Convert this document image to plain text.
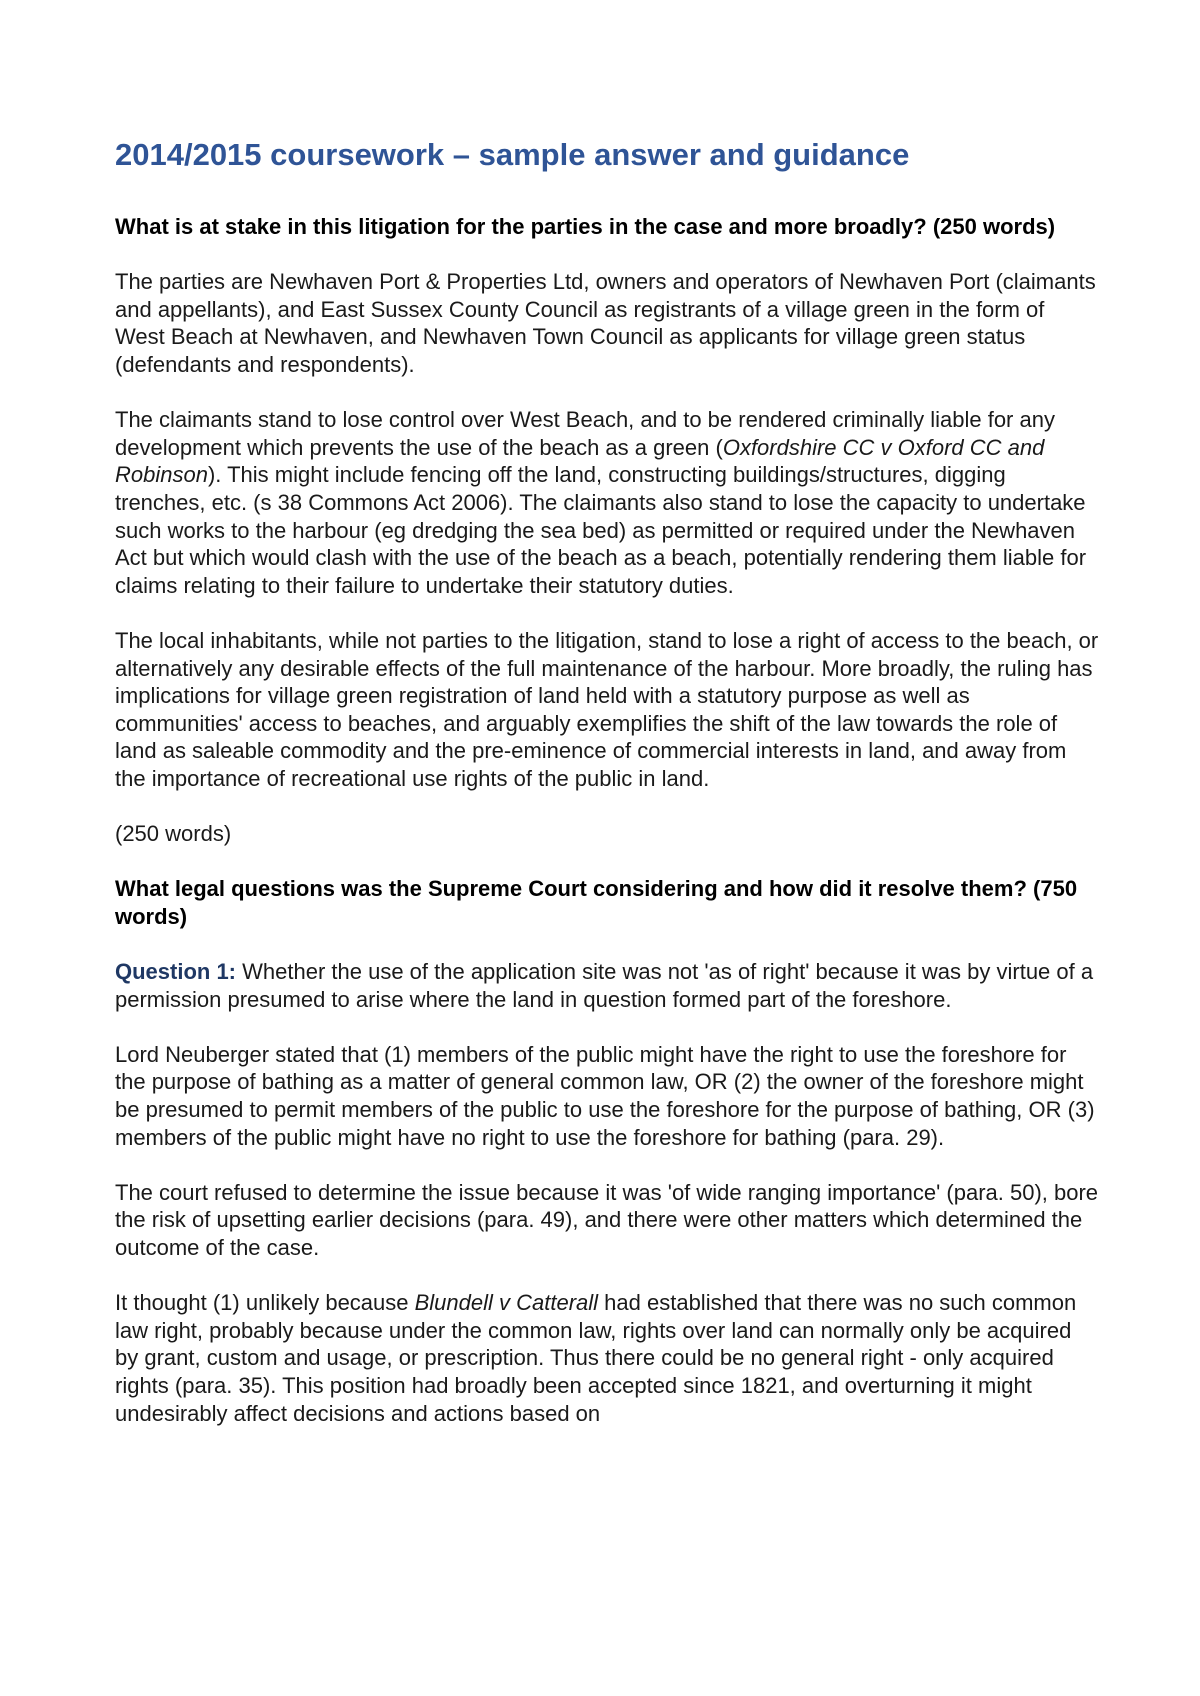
2014/2015 coursework – sample answer and guidance

What is at stake in this litigation for the parties in the case and more broadly? (250 words)

The parties are Newhaven Port & Properties Ltd, owners and operators of Newhaven Port (claimants and appellants), and East Sussex County Council as registrants of a village green in the form of West Beach at Newhaven, and Newhaven Town Council as applicants for village green status (defendants and respondents).

The claimants stand to lose control over West Beach, and to be rendered criminally liable for any development which prevents the use of the beach as a green (Oxfordshire CC v Oxford CC and Robinson). This might include fencing off the land, constructing buildings/structures, digging trenches, etc. (s 38 Commons Act 2006). The claimants also stand to lose the capacity to undertake such works to the harbour (eg dredging the sea bed) as permitted or required under the Newhaven Act but which would clash with the use of the beach as a beach, potentially rendering them liable for claims relating to their failure to undertake their statutory duties.

The local inhabitants, while not parties to the litigation, stand to lose a right of access to the beach, or alternatively any desirable effects of the full maintenance of the harbour. More broadly, the ruling has implications for village green registration of land held with a statutory purpose as well as communities' access to beaches, and arguably exemplifies the shift of the law towards the role of land as saleable commodity and the pre-eminence of commercial interests in land, and away from the importance of recreational use rights of the public in land.

(250 words)

What legal questions was the Supreme Court considering and how did it resolve them? (750 words)

Question 1: Whether the use of the application site was not 'as of right' because it was by virtue of a permission presumed to arise where the land in question formed part of the foreshore.

Lord Neuberger stated that (1) members of the public might have the right to use the foreshore for the purpose of bathing as a matter of general common law, OR (2) the owner of the foreshore might be presumed to permit members of the public to use the foreshore for the purpose of bathing, OR (3) members of the public might have no right to use the foreshore for bathing (para. 29).

The court refused to determine the issue because it was 'of wide ranging importance' (para. 50), bore the risk of upsetting earlier decisions (para. 49), and there were other matters which determined the outcome of the case.

It thought (1) unlikely because Blundell v Catterall had established that there was no such common law right, probably because under the common law, rights over land can normally only be acquired by grant, custom and usage, or prescription. Thus there could be no general right - only acquired rights (para. 35). This position had broadly been accepted since 1821, and overturning it might undesirably affect decisions and actions based on
